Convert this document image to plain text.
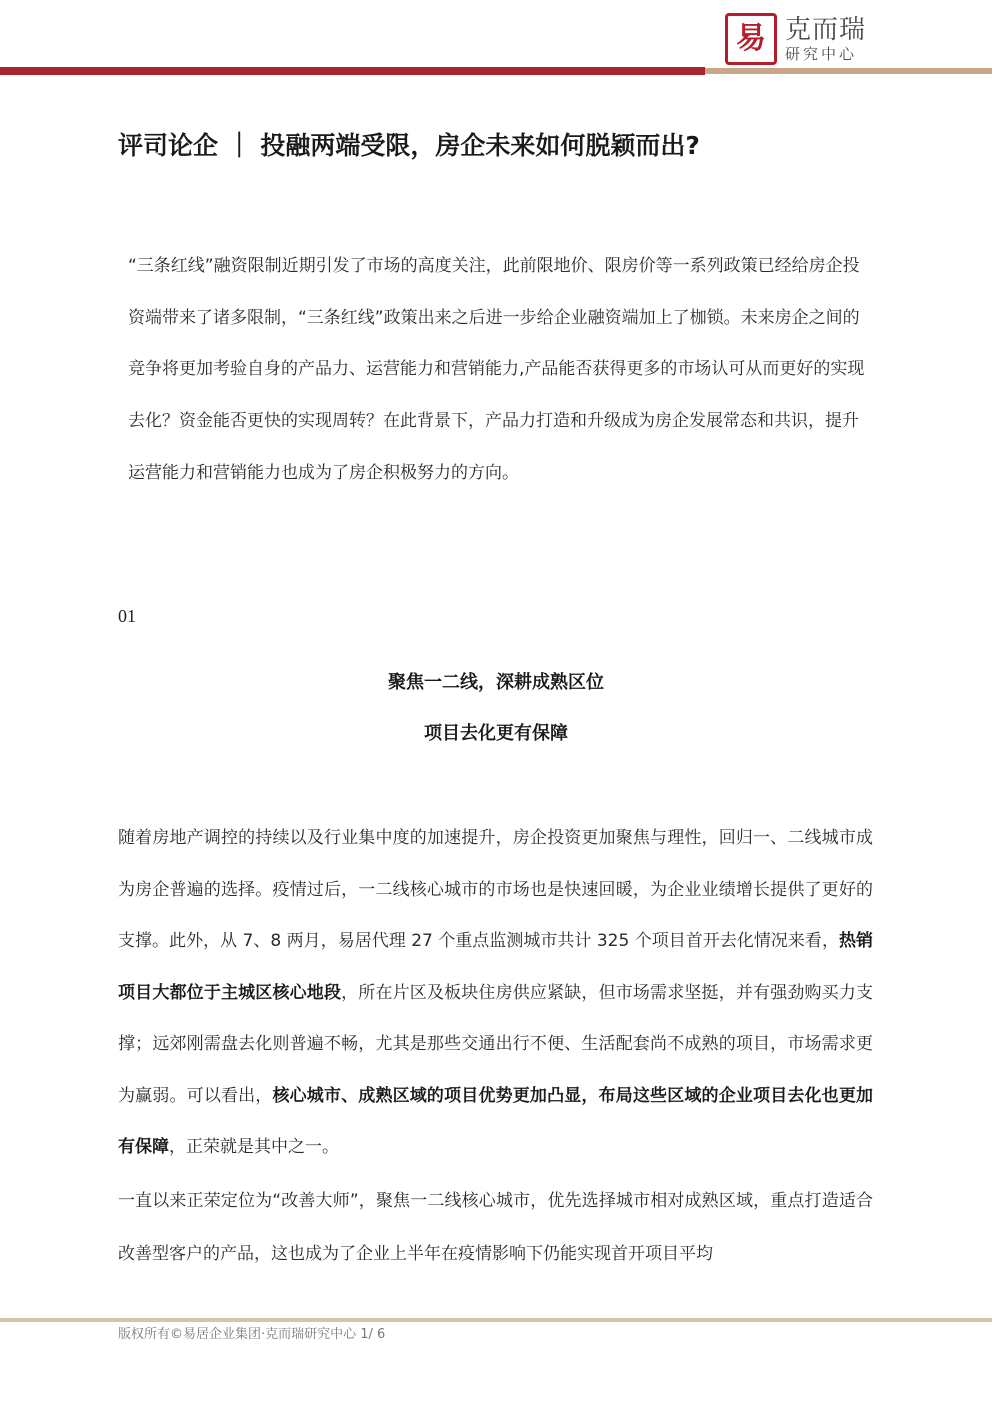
易 克而瑞
研究中心
评司论企 ｜ 投融两端受限，房企未来如何脱颖而出?

“三条红线”融资限制近期引发了市场的高度关注，此前限地价、限房价等一系列政策已经给房企投资端带来了诸多限制，“三条红线”政策出来之后进一步给企业融资端加上了枷锁。未来房企之间的竞争将更加考验自身的产品力、运营能力和营销能力,产品能否获得更多的市场认可从而更好的实现去化？资金能否更快的实现周转？在此背景下，产品力打造和升级成为房企发展常态和共识，提升运营能力和营销能力也成为了房企积极努力的方向。

01

聚焦一二线，深耕成熟区位

项目去化更有保障

随着房地产调控的持续以及行业集中度的加速提升，房企投资更加聚焦与理性，回归一、二线城市成为房企普遍的选择。疫情过后，一二线核心城市的市场也是快速回暖，为企业业绩增长提供了更好的支撑。此外，从 7、8 两月，易居代理 27 个重点监测城市共计 325 个项目首开去化情况来看，热销项目大都位于主城区核心地段，所在片区及板块住房供应紧缺，但市场需求坚挺，并有强劲购买力支撑；远郊刚需盘去化则普遍不畅，尤其是那些交通出行不便、生活配套尚不成熟的项目，市场需求更为赢弱。可以看出，核心城市、成熟区域的项目优势更加凸显，布局这些区域的企业项目去化也更加有保障，正荣就是其中之一。

一直以来正荣定位为“改善大师”，聚焦一二线核心城市，优先选择城市相对成熟区域，重点打造适合改善型客户的产品，这也成为了企业上半年在疫情影响下仍能实现首开项目平均

版权所有©易居企业集团·克而瑞研究中心 1/ 6
